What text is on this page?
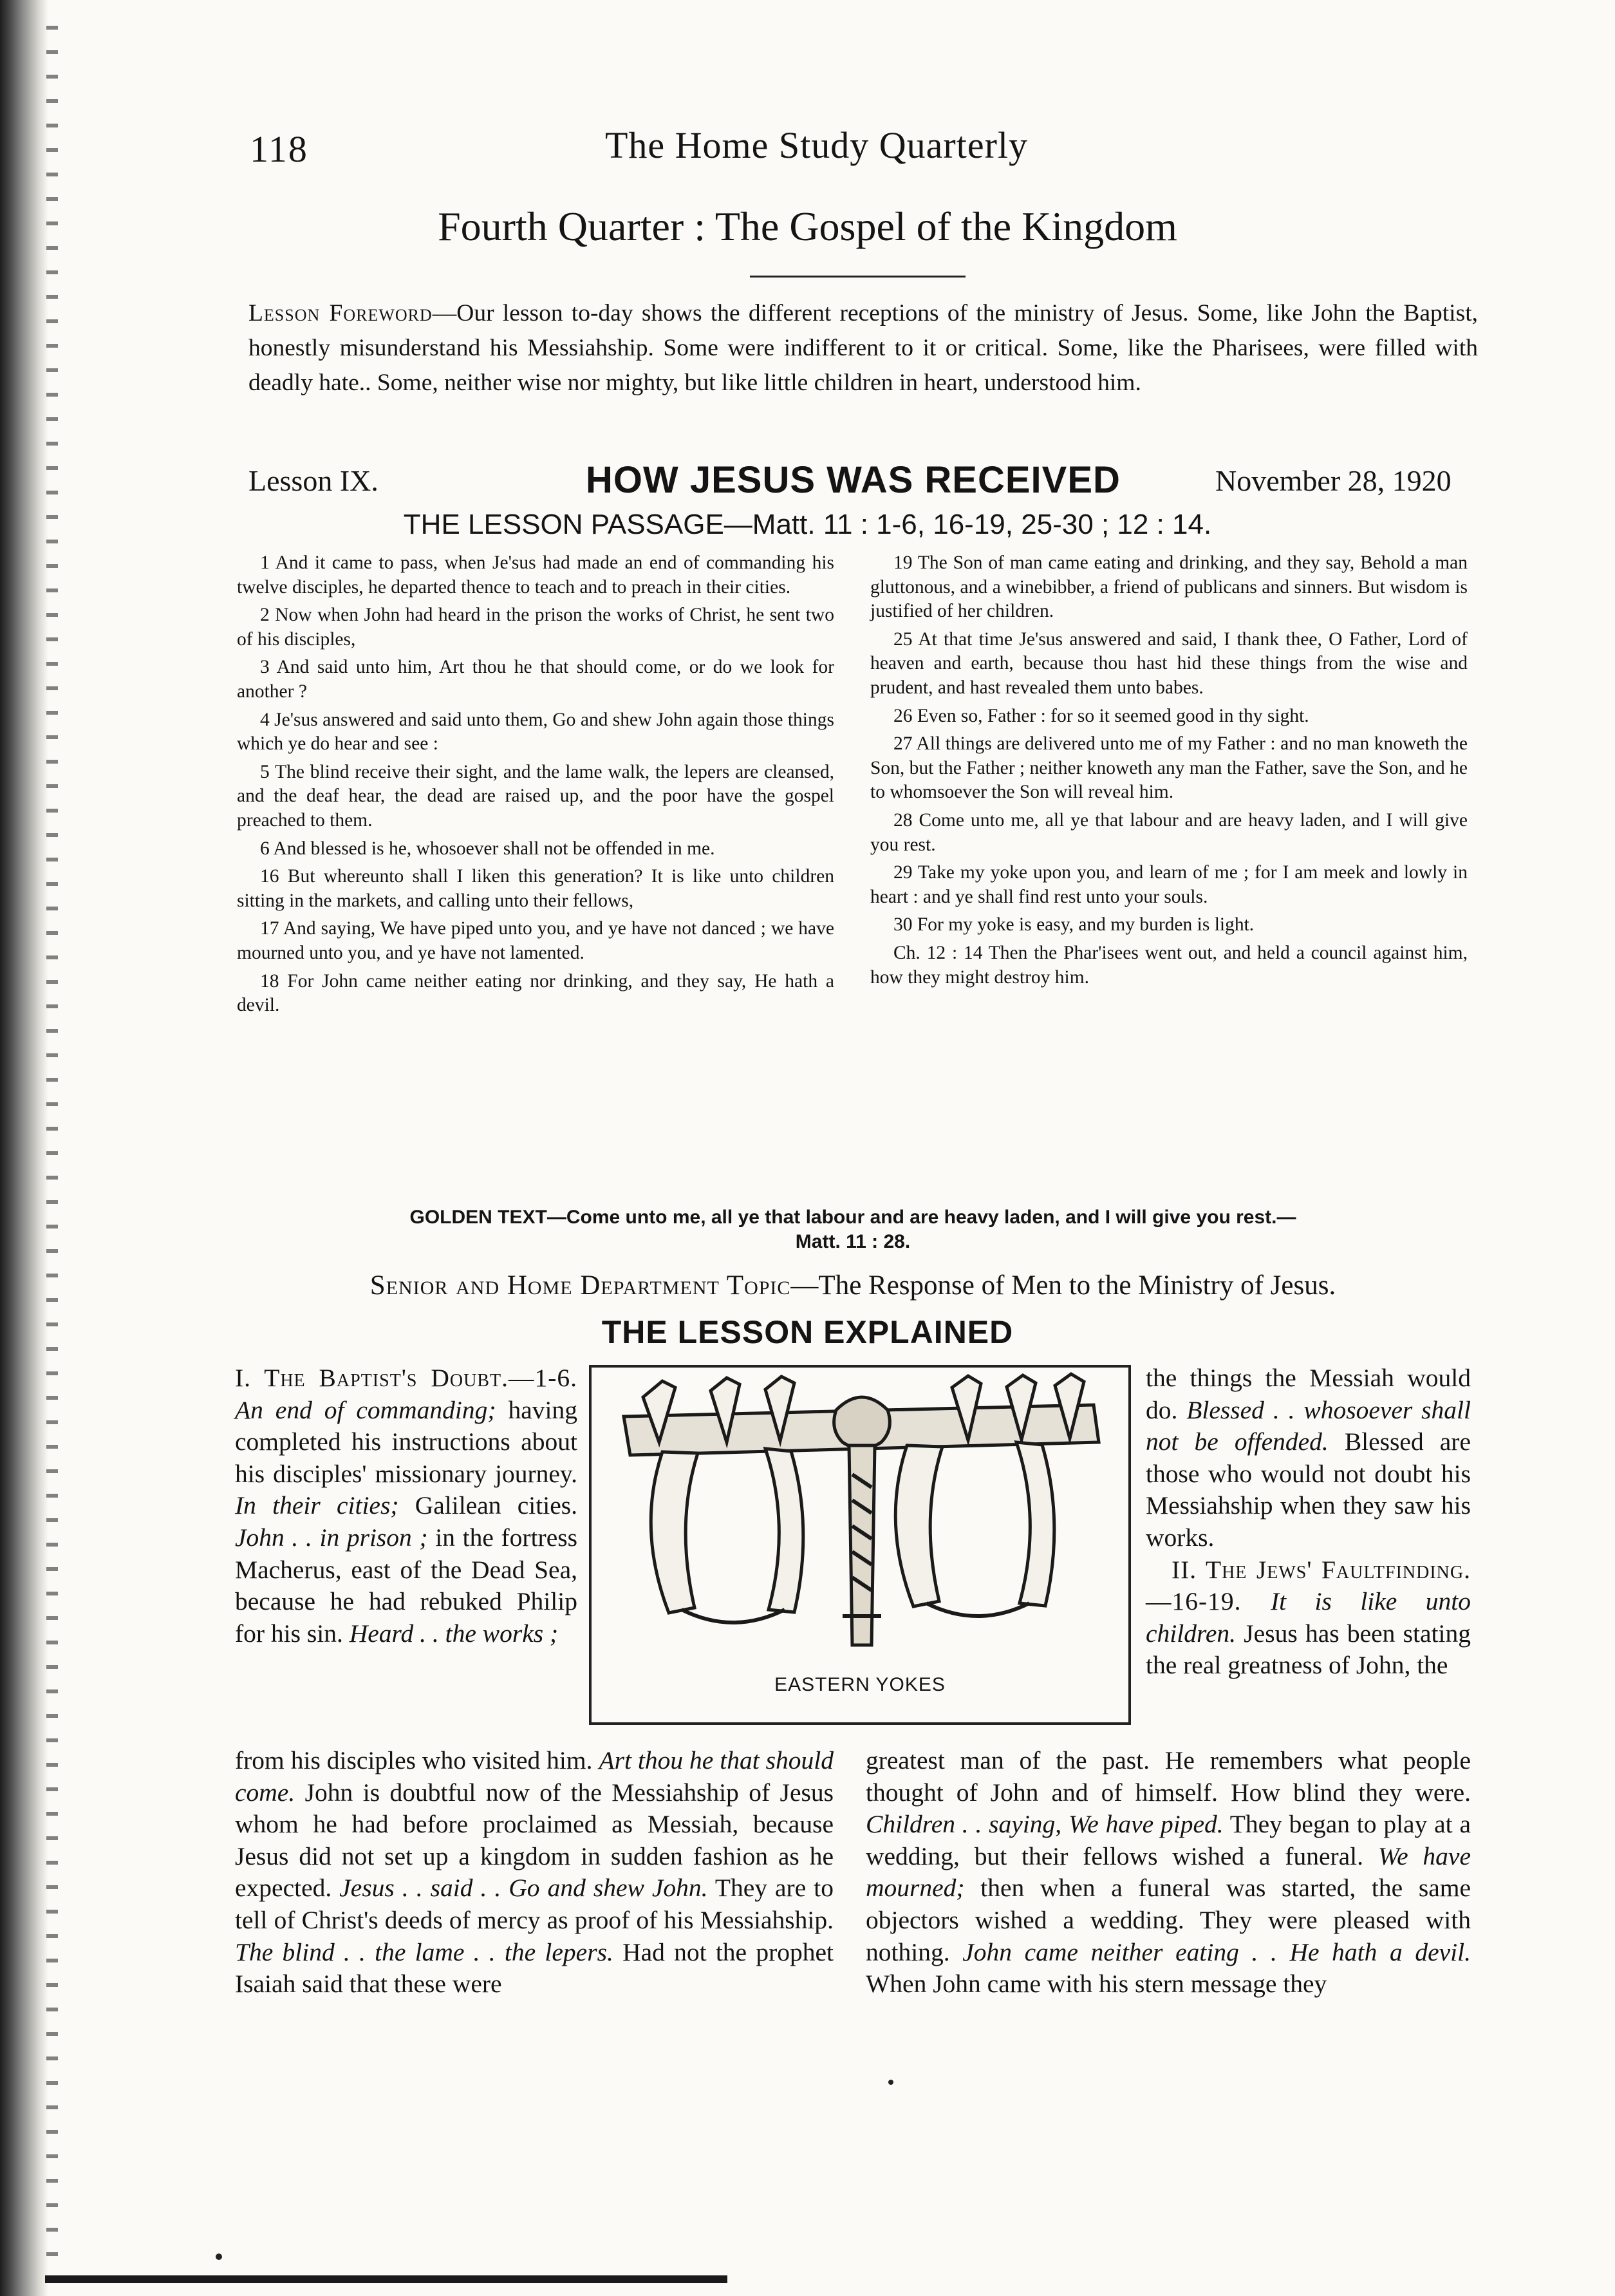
118	The Home Study Quarterly
Fourth Quarter : The Gospel of the Kingdom
Lesson Foreword—Our lesson to-day shows the different receptions of the ministry of Jesus. Some, like John the Baptist, honestly misunderstand his Messiahship. Some were indifferent to it or critical. Some, like the Pharisees, were filled with deadly hate.. Some, neither wise nor mighty, but like little children in heart, understood him.
Lesson IX.	HOW JESUS WAS RECEIVED	November 28, 1920
THE LESSON PASSAGE—Matt. 11 : 1-6, 16-19, 25-30 ; 12 : 14.

1 And it came to pass, when Je'sus had made an end of commanding his twelve disciples, he departed thence to teach and to preach in their cities.

2 Now when John had heard in the prison the works of Christ, he sent two of his disciples,

3 And said unto him, Art thou he that should come, or do we look for another ?

4 Je'sus answered and said unto them, Go and shew John again those things which ye do hear and see :

5 The blind receive their sight, and the lame walk, the lepers are cleansed, and the deaf hear, the dead are raised up, and the poor have the gospel preached to them.

6 And blessed is he, whosoever shall not be offended in me.

16 But whereunto shall I liken this generation? It is like unto children sitting in the markets, and calling unto their fellows,

17 And saying, We have piped unto you, and ye have not danced ; we have mourned unto you, and ye have not lamented.

18 For John came neither eating nor drinking, and they say, He hath a devil.

19 The Son of man came eating and drinking, and they say, Behold a man gluttonous, and a winebibber, a friend of publicans and sinners. But wisdom is justified of her children.

25 At that time Je'sus answered and said, I thank thee, O Father, Lord of heaven and earth, because thou hast hid these things from the wise and prudent, and hast revealed them unto babes.

26 Even so, Father : for so it seemed good in thy sight.

27 All things are delivered unto me of my Father : and no man knoweth the Son, but the Father ; neither knoweth any man the Father, save the Son, and he to whomsoever the Son will reveal him.

28 Come unto me, all ye that labour and are heavy laden, and I will give you rest.

29 Take my yoke upon you, and learn of me ; for I am meek and lowly in heart : and ye shall find rest unto your souls.

30 For my yoke is easy, and my burden is light.

Ch. 12 : 14 Then the Phar'isees went out, and held a council against him, how they might destroy him.

GOLDEN TEXT—Come unto me, all ye that labour and are heavy laden, and I will give you rest.—
Matt. 11 : 28.
Senior and Home Department Topic—The Response of Men to the Ministry of Jesus.
THE LESSON EXPLAINED

I. The Baptist's Doubt.—1-6. An end of commanding; having completed his instructions about his disciples' missionary journey. In their cities; Galilean cities. John . . in prison ; in the fortress Macherus, east of the Dead Sea, because he had rebuked Philip for his sin. Heard . . the works ;

EASTERN YOKES

the things the Messiah would do. Blessed . . whosoever shall not be offended. Blessed are those who would not doubt his Messiahship when they saw his works.

II. The Jews' Faultfinding.—16-19. It is like unto children. Jesus has been stating the real greatness of John, the

from his disciples who visited him. Art thou he that should come. John is doubtful now of the Messiahship of Jesus whom he had before proclaimed as Messiah, because Jesus did not set up a kingdom in sudden fashion as he expected. Jesus . . said . . Go and shew John. They are to tell of Christ's deeds of mercy as proof of his Messiahship. The blind . . the lame . . the lepers. Had not the prophet Isaiah said that these were

greatest man of the past. He remembers what people thought of John and of himself. How blind they were. Children . . saying, We have piped. They began to play at a wedding, but their fellows wished a funeral. We have mourned; then when a funeral was started, the same objectors wished a wedding. They were pleased with nothing. John came neither eating . . He hath a devil. When John came with his stern message they
